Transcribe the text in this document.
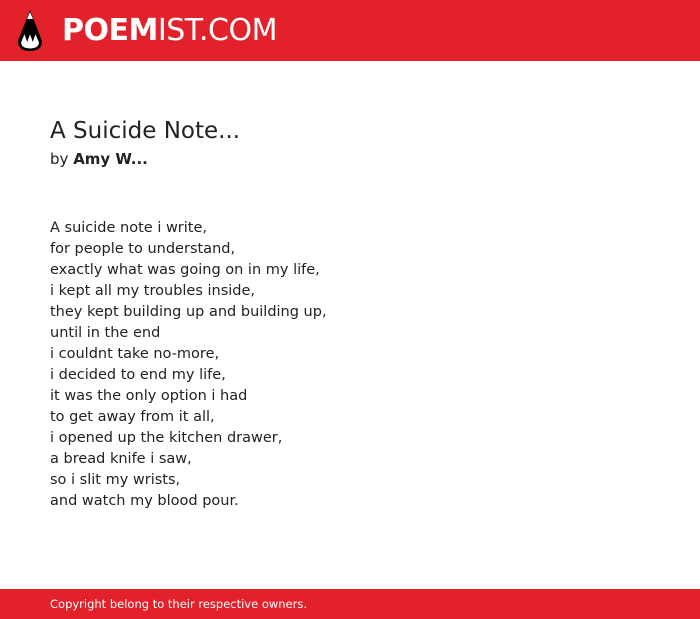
POEMIST.COM
A Suicide Note...
by Amy W...
A suicide note i write,
for people to understand,
exactly what was going on in my life,
i kept all my troubles inside,
they kept building up and building up,
until in the end
i couldnt take no-more,
i decided to end my life,
it was the only option i had
to get away from it all,
i opened up the kitchen drawer,
a bread knife i saw,
so i slit my wrists,
and watch my blood pour.
Copyright belong to their respective owners.
